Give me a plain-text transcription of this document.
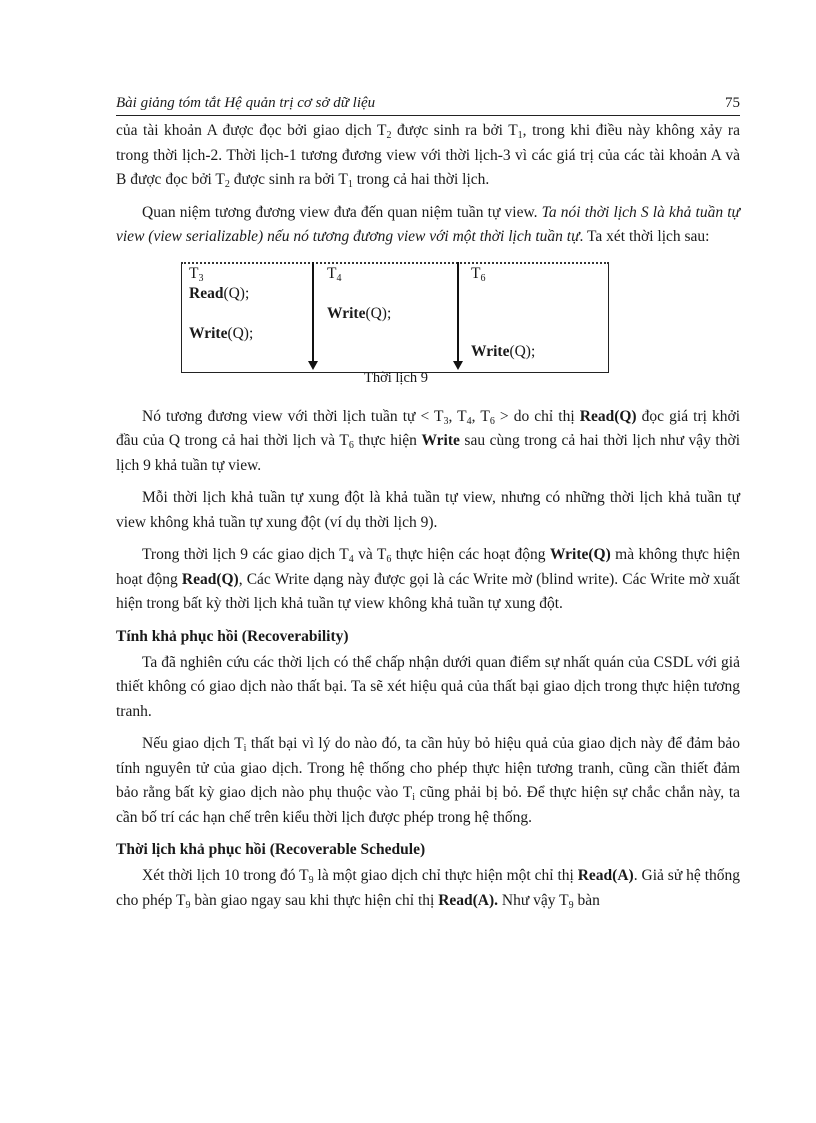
Bài giảng tóm tắt Hệ quản trị cơ sở dữ liệu	75

của tài khoản A được đọc bởi giao dịch $T_2$ được sinh ra bởi $T_1$, trong khi điều này không xảy ra trong thời lịch-2. Thời lịch-1 tương đương view với thời lịch-3 vì các giá trị của các tài khoản A và B được đọc bởi $T_2$ được sinh ra bởi $T_1$ trong cả hai thời lịch.

Quan niệm tương đương view đưa đến quan niệm tuần tự view. Ta nói thời lịch S là khả tuần tự view (view serializable) nếu nó tương đương view với một thời lịch tuần tự. Ta xét thời lịch sau:

$T_3$
Read(Q);
Write(Q);
$T_4$
Write(Q);
$T_6$
Write(Q);
Thời lịch 9

Nó tương đương view với thời lịch tuần tự < $T_3$, $T_4$, $T_6$ > do chỉ thị Read(Q) đọc giá trị khởi đầu của Q trong cả hai thời lịch và $T_6$ thực hiện Write sau cùng trong cả hai thời lịch như vậy thời lịch 9 khả tuần tự view.

Mỗi thời lịch khả tuần tự xung đột là khả tuần tự view, nhưng có những thời lịch khả tuần tự view không khả tuần tự xung đột (ví dụ thời lịch 9).

Trong thời lịch 9 các giao dịch $T_4$ và $T_6$ thực hiện các hoạt động Write(Q) mà không thực hiện hoạt động Read(Q), Các Write dạng này được gọi là các Write mờ (blind write). Các Write mờ xuất hiện trong bất kỳ thời lịch khả tuần tự view không khả tuần tự xung đột.

Tính khả phục hồi (Recoverability)

Ta đã nghiên cứu các thời lịch có thể chấp nhận dưới quan điểm sự nhất quán của CSDL với giả thiết không có giao dịch nào thất bại. Ta sẽ xét hiệu quả của thất bại giao dịch trong thực hiện tương tranh.

Nếu giao dịch $T_i$ thất bại vì lý do nào đó, ta cần hủy bỏ hiệu quả của giao dịch này để đảm bảo tính nguyên tử của giao dịch. Trong hệ thống cho phép thực hiện tương tranh, cũng cần thiết đảm bảo rằng bất kỳ giao dịch nào phụ thuộc vào $T_i$ cũng phải bị bỏ. Để thực hiện sự chắc chắn này, ta cần bố trí các hạn chế trên kiểu thời lịch được phép trong hệ thống.

Thời lịch khả phục hồi (Recoverable Schedule)

Xét thời lịch 10 trong đó $T_9$ là một giao dịch chỉ thực hiện một chỉ thị Read(A). Giả sử hệ thống cho phép $T_9$ bàn giao ngay sau khi thực hiện chỉ thị Read(A). Như vậy $T_9$ bàn
